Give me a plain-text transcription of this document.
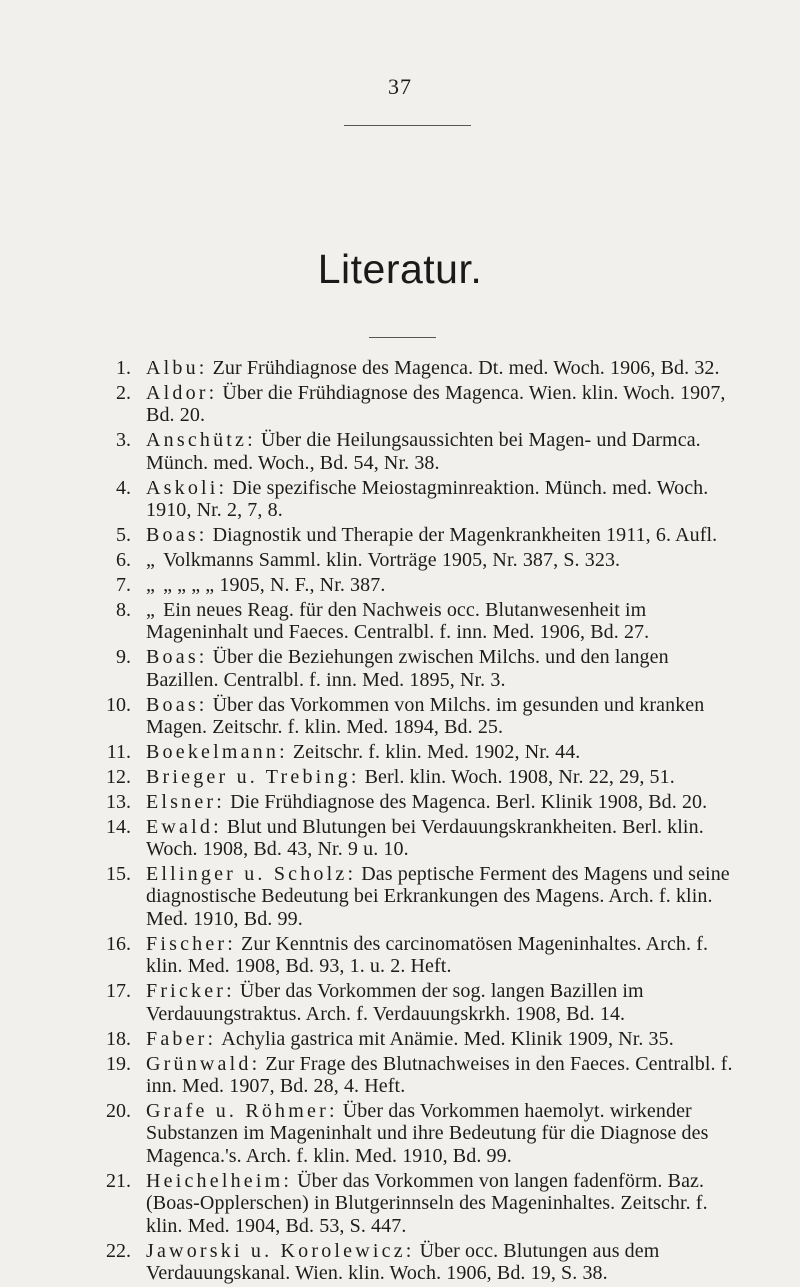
37
Literatur.
1. Albu: Zur Frühdiagnose des Magenca. Dt. med. Woch. 1906, Bd. 32.
2. Aldor: Über die Frühdiagnose des Magenca. Wien. klin. Woch. 1907, Bd. 20.
3. Anschütz: Über die Heilungsaussichten bei Magen- und Darmca. Münch. med. Woch., Bd. 54, Nr. 38.
4. Askoli: Die spezifische Meiostagminreaktion. Münch. med. Woch. 1910, Nr. 2, 7, 8.
5. Boas: Diagnostik und Therapie der Magenkrankheiten 1911, 6. Aufl.
6. „ Volkmanns Samml. klin. Vorträge 1905, Nr. 387, S. 323.
7. „ „ „ „ „ 1905, N. F., Nr. 387.
8. „ Ein neues Reag. für den Nachweis occ. Blutanwesenheit im Mageninhalt und Faeces. Centralbl. f. inn. Med. 1906, Bd. 27.
9. Boas: Über die Beziehungen zwischen Milchs. und den langen Bazillen. Centralbl. f. inn. Med. 1895, Nr. 3.
10. Boas: Über das Vorkommen von Milchs. im gesunden und kranken Magen. Zeitschr. f. klin. Med. 1894, Bd. 25.
11. Boekelmann: Zeitschr. f. klin. Med. 1902, Nr. 44.
12. Brieger u. Trebing: Berl. klin. Woch. 1908, Nr. 22, 29, 51.
13. Elsner: Die Frühdiagnose des Magenca. Berl. Klinik 1908, Bd. 20.
14. Ewald: Blut und Blutungen bei Verdauungskrankheiten. Berl. klin. Woch. 1908, Bd. 43, Nr. 9 u. 10.
15. Ellinger u. Scholz: Das peptische Ferment des Magens und seine diagnostische Bedeutung bei Erkrankungen des Magens. Arch. f. klin. Med. 1910, Bd. 99.
16. Fischer: Zur Kenntnis des carcinomatösen Mageninhaltes. Arch. f. klin. Med. 1908, Bd. 93, 1. u. 2. Heft.
17. Fricker: Über das Vorkommen der sog. langen Bazillen im Verdauungstraktus. Arch. f. Verdauungskrkh. 1908, Bd. 14.
18. Faber: Achylia gastrica mit Anämie. Med. Klinik 1909, Nr. 35.
19. Grünwald: Zur Frage des Blutnachweises in den Faeces. Centralbl. f. inn. Med. 1907, Bd. 28, 4. Heft.
20. Grafe u. Röhmer: Über das Vorkommen haemolyt. wirkender Substanzen im Mageninhalt und ihre Bedeutung für die Diagnose des Magenca.'s. Arch. f. klin. Med. 1910, Bd. 99.
21. Heichelheim: Über das Vorkommen von langen fadenförm. Baz. (Boas-Opplerschen) in Blutgerinnseln des Mageninhaltes. Zeitschr. f. klin. Med. 1904, Bd. 53, S. 447.
22. Jaworski u. Korolewicz: Über occ. Blutungen aus dem Verdauungskanal. Wien. klin. Woch. 1906, Bd. 19, S. 38.
